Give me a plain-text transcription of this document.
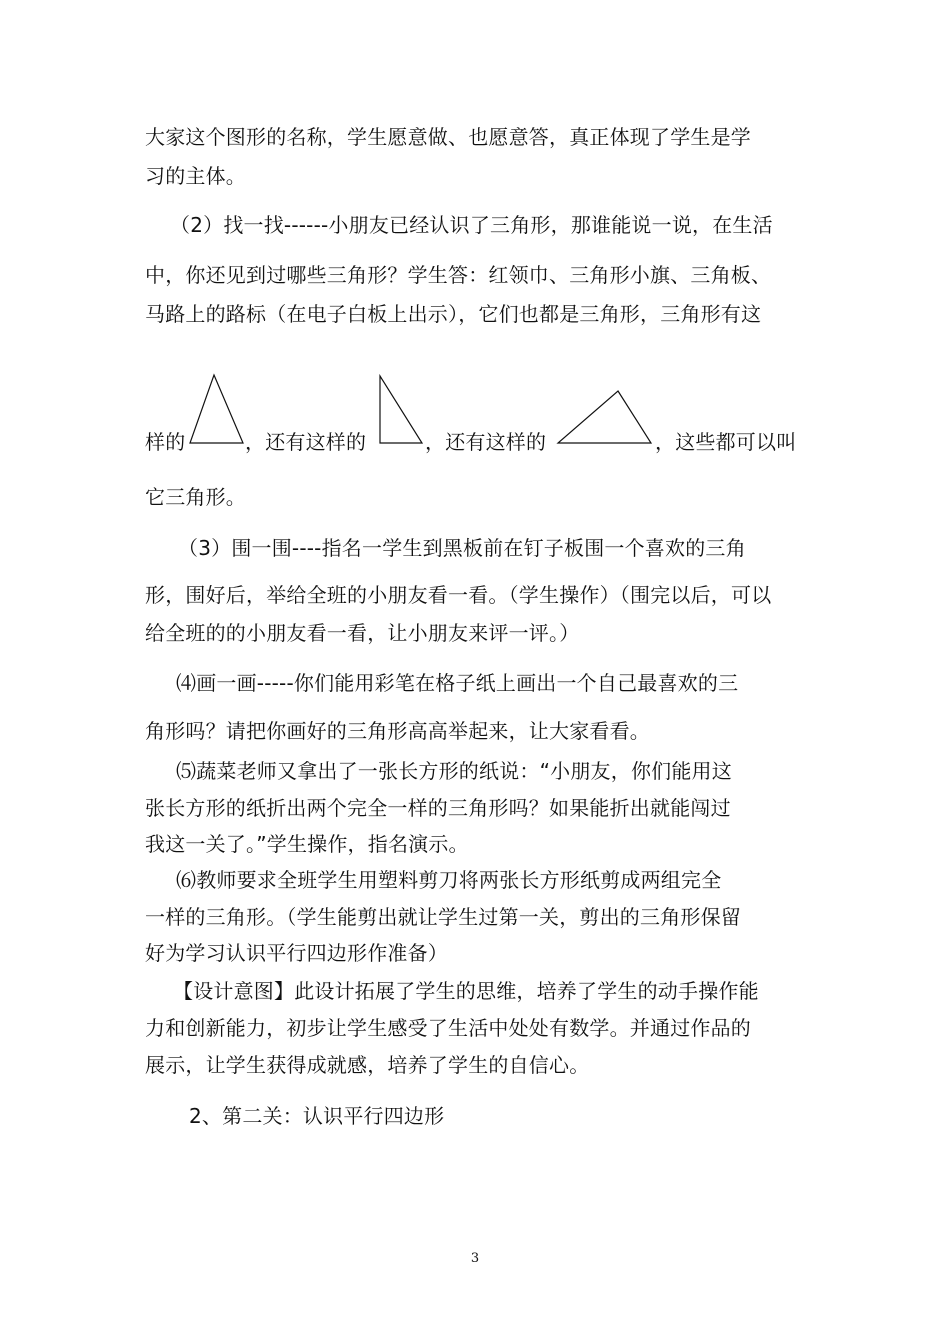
大家这个图形的名称，学生愿意做、也愿意答，真正体现了学生是学

习的主体。

（2）找一找------小朋友已经认识了三角形，那谁能说一说，在生活

中，你还见到过哪些三角形？学生答：红领巾、三角形小旗、三角板、

马路上的路标（在电子白板上出示），它们也都是三角形，三角形有这

样的	，还有这样的	，还有这样的	，这些都可以叫

它三角形。

（3）围一围----指名一学生到黑板前在钉子板围一个喜欢的三角

形，围好后，举给全班的小朋友看一看。（学生操作）（围完以后，可以

给全班的的小朋友看一看，让小朋友来评一评。）

⑷画一画-----你们能用彩笔在格子纸上画出一个自己最喜欢的三

角形吗？请把你画好的三角形高高举起来，让大家看看。

⑸蔬菜老师又拿出了一张长方形的纸说：“小朋友，你们能用这

张长方形的纸折出两个完全一样的三角形吗？如果能折出就能闯过

我这一关了。”学生操作，指名演示。

⑹教师要求全班学生用塑料剪刀将两张长方形纸剪成两组完全

一样的三角形。（学生能剪出就让学生过第一关，剪出的三角形保留

好为学习认识平行四边形作准备）

【设计意图】此设计拓展了学生的思维，培养了学生的动手操作能

力和创新能力，初步让学生感受了生活中处处有数学。并通过作品的

展示，让学生获得成就感，培养了学生的自信心。

2、第二关：认识平行四边形

3
